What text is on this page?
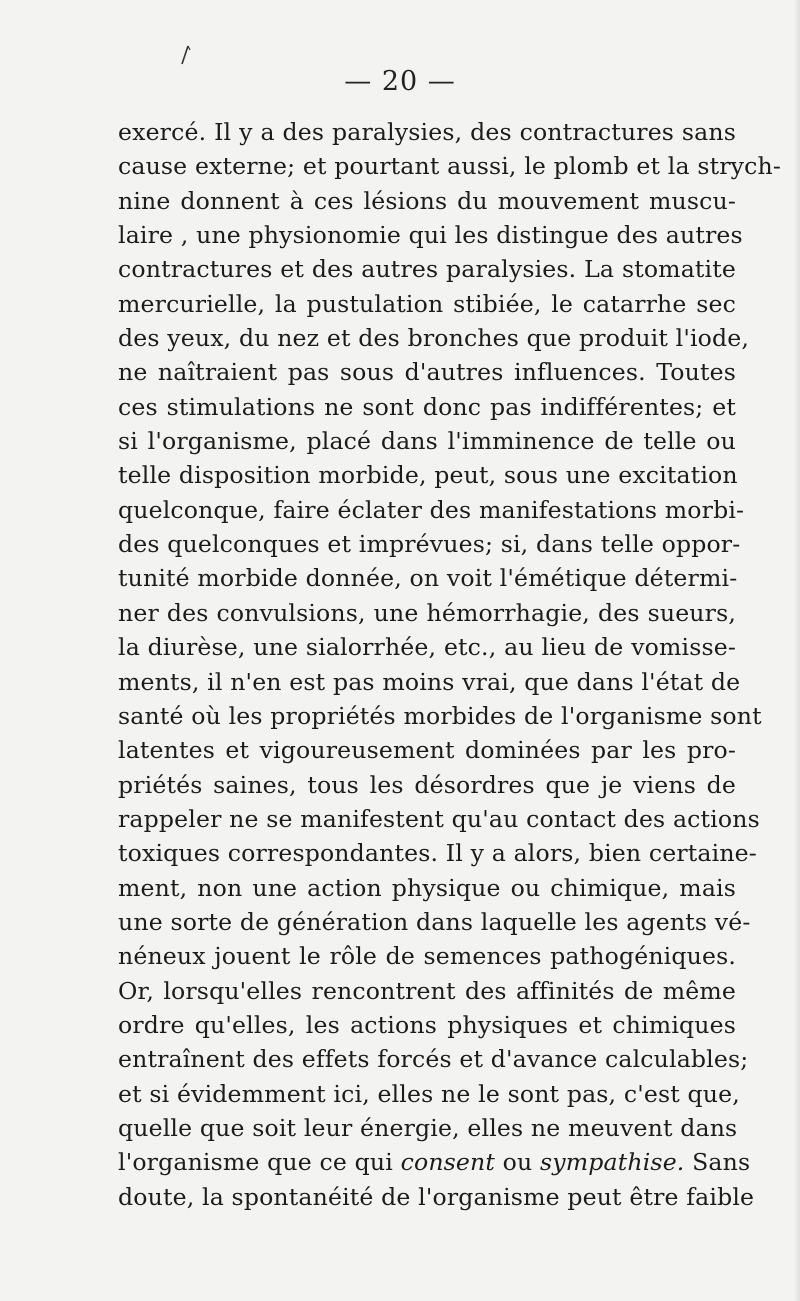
— 20 —
exercé. Il y a des paralysies, des contractures sans
cause externe; et pourtant aussi, le plomb et la strych-
nine donnent à ces lésions du mouvement muscu-
laire , une physionomie qui les distingue des autres
contractures et des autres paralysies. La stomatite
mercurielle, la pustulation stibiée, le catarrhe sec
des yeux, du nez et des bronches que produit l'iode,
ne naîtraient pas sous d'autres influences. Toutes
ces stimulations ne sont donc pas indifférentes; et
si l'organisme, placé dans l'imminence de telle ou
telle disposition morbide, peut, sous une excitation
quelconque, faire éclater des manifestations morbi-
des quelconques et imprévues; si, dans telle oppor-
tunité morbide donnée, on voit l'émétique détermi-
ner des convulsions, une hémorrhagie, des sueurs,
la diurèse, une sialorrhée, etc., au lieu de vomisse-
ments, il n'en est pas moins vrai, que dans l'état de
santé où les propriétés morbides de l'organisme sont
latentes et vigoureusement dominées par les pro-
priétés saines, tous les désordres que je viens de
rappeler ne se manifestent qu'au contact des actions
toxiques correspondantes. Il y a alors, bien certaine-
ment, non une action physique ou chimique, mais
une sorte de génération dans laquelle les agents vé-
néneux jouent le rôle de semences pathogéniques.
Or, lorsqu'elles rencontrent des affinités de même
ordre qu'elles, les actions physiques et chimiques
entraînent des effets forcés et d'avance calculables;
et si évidemment ici, elles ne le sont pas, c'est que,
quelle que soit leur énergie, elles ne meuvent dans
l'organisme que ce qui consent ou sympathise. Sans
doute, la spontanéité de l'organisme peut être faible
